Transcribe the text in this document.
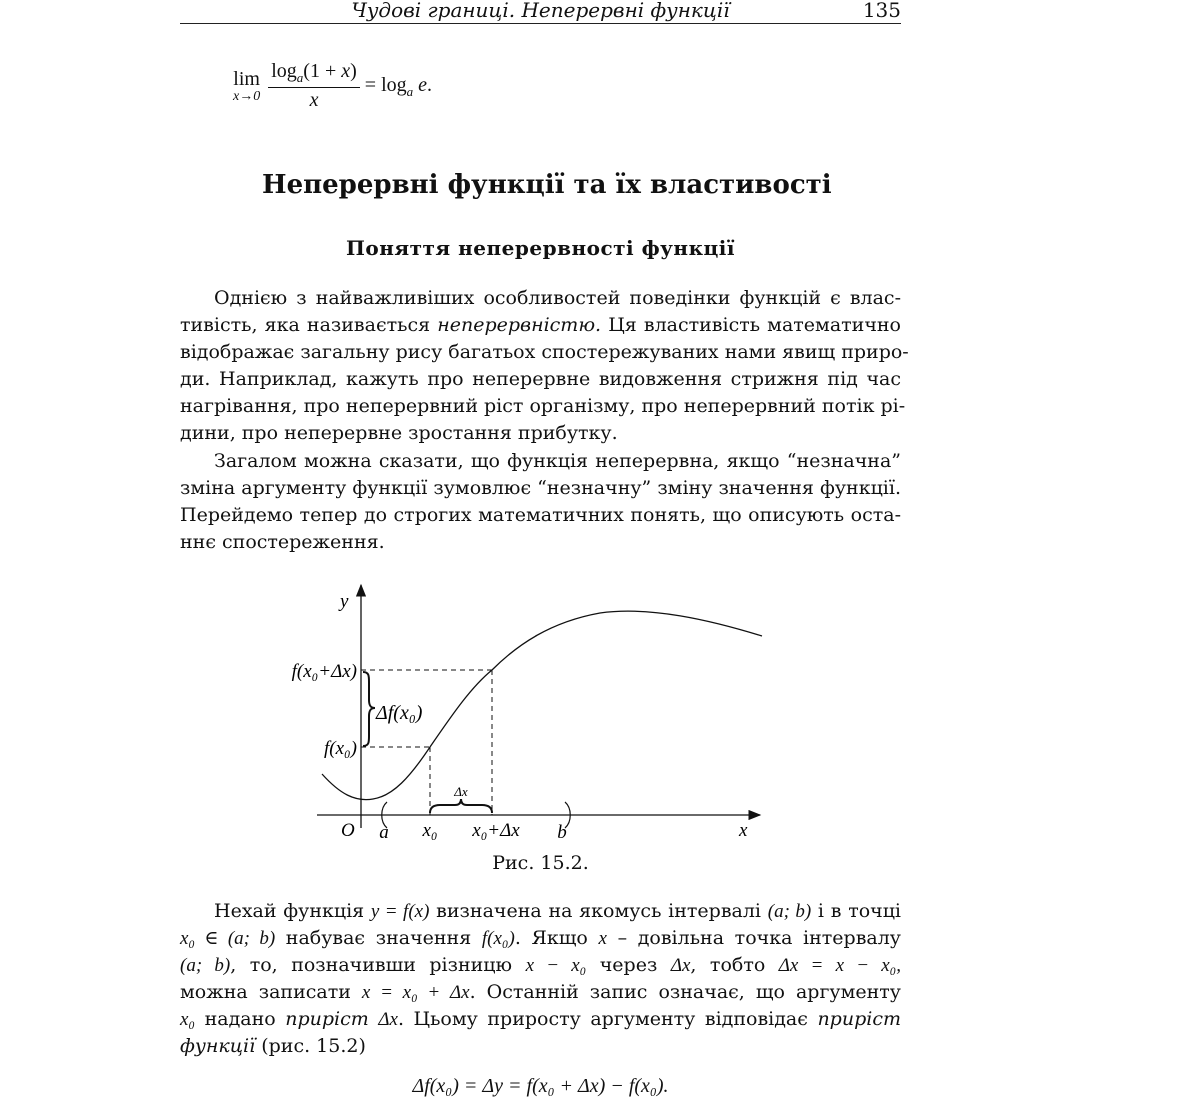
Чудові границі. Неперервні функції	135
lim
$x\to 0 \frac{\log_a(1 + x)}{x} = \log_a e$.
Неперервні функції та їх властивості
Поняття неперервності функції
Однією з найважливіших особливостей поведінки функцій є влас-
тивість, яка називається неперервністю. Ця властивість математично
відображає загальну рису багатьох спостережуваних нами явищ приро-
ди. Наприклад, кажуть про неперервне видовження стрижня під час
нагрівання, про неперервний ріст організму, про неперервний потік рі-
дини, про неперервне зростання прибутку.
Загалом можна сказати, що функція неперервна, якщо “незначна”
зміна аргументу функції зумовлює “незначну” зміну значення функції.
Перейдемо тепер до строгих математичних понять, що описують оста-
ннє спостереження.
y
x
O
f(x₀+Δx)
f(x₀)
Δf(x₀)
Δx
a x₀ x₀+Δx b
Рис. 15.2.
Нехай функція y = f(x) визначена на якомусь інтервалі (a; b) і в точці
x₀ ∈ (a; b) набуває значення f(x₀). Якщо x – довільна точка інтервалу
(a; b), то, позначивши різницю x − x₀ через Δx, тобто Δx = x − x₀,
можна записати x = x₀ + Δx. Останній запис означає, що аргументу
x₀ надано приріст Δx. Цьому приросту аргументу відповідає приріст
функції (рис. 15.2)
Δf(x₀) = Δy = f(x₀ + Δx) − f(x₀).
